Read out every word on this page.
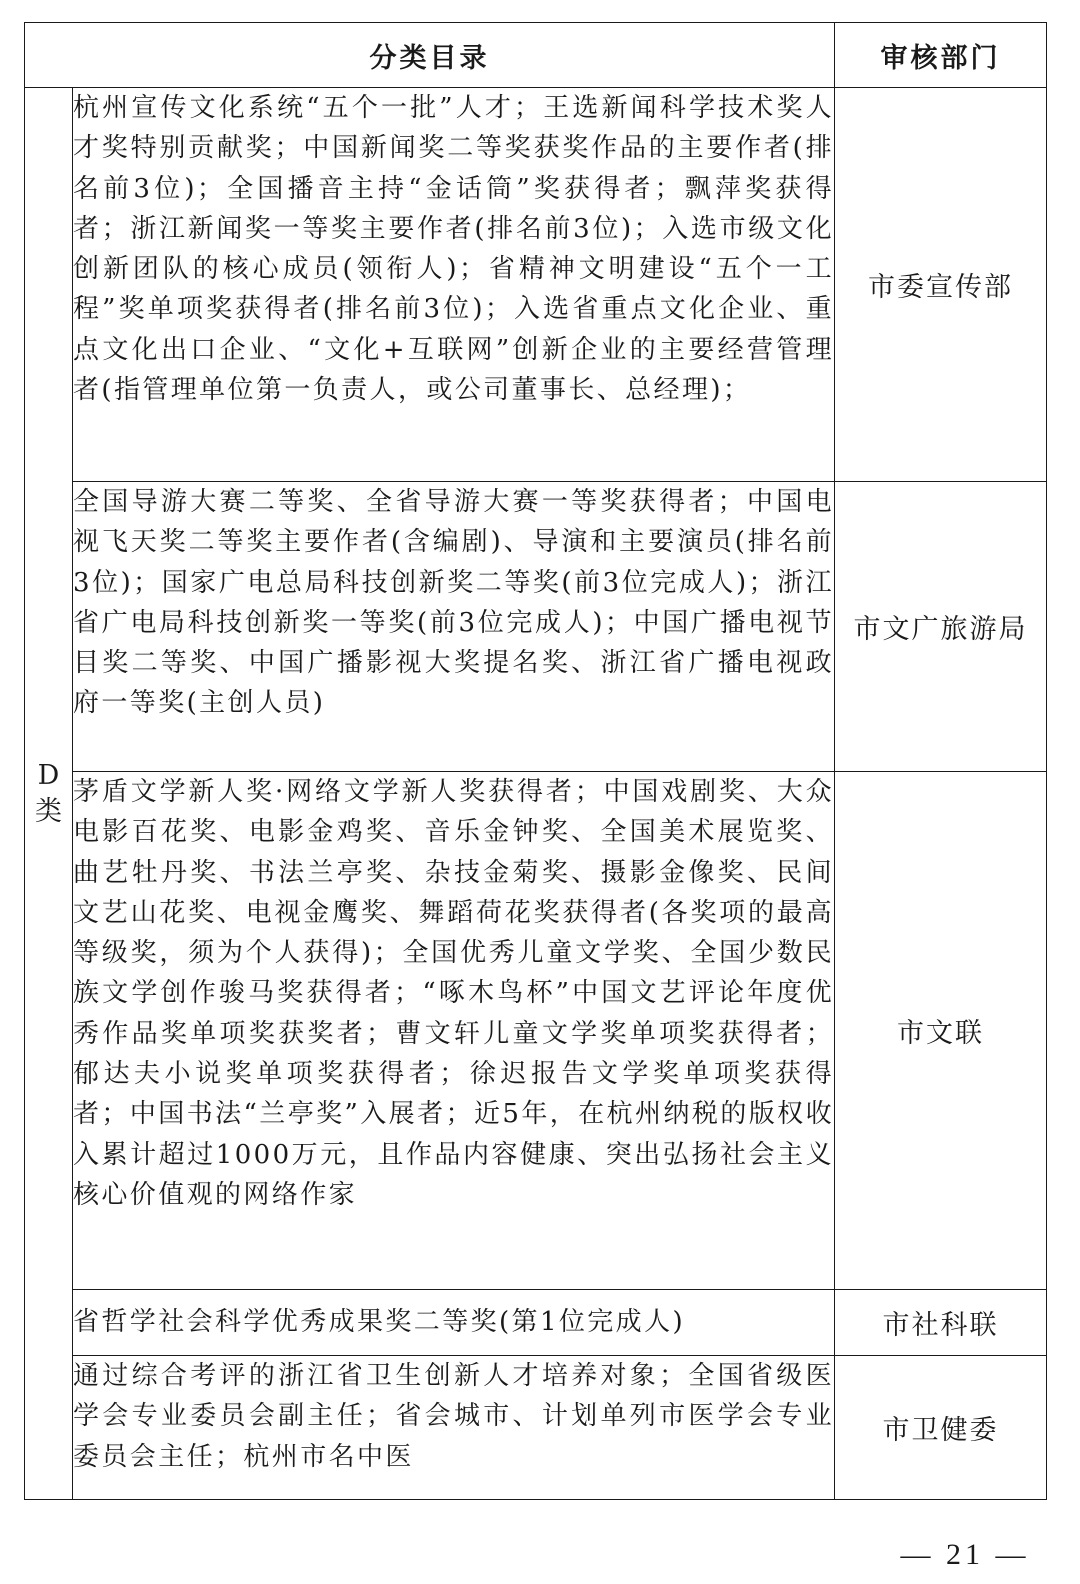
分类目录		审核部门

D
类	杭州宣传文化系统“五个一批”人才；王选新闻科学技术奖人才奖特别贡献奖；中国新闻奖二等奖获奖作品的主要作者(排名前3位)；全国播音主持“金话筒”奖获得者；飘萍奖获得者；浙江新闻奖一等奖主要作者(排名前3位)；入选市级文化创新团队的核心成员(领衔人)；省精神文明建设“五个一工程”奖单项奖获得者(排名前3位)；入选省重点文化企业、重点文化出口企业、“文化+互联网”创新企业的主要经营管理者(指管理单位第一负责人，或公司董事长、总经理)；	市委宣传部
	全国导游大赛二等奖、全省导游大赛一等奖获得者；中国电视飞天奖二等奖主要作者(含编剧)、导演和主要演员(排名前3位)；国家广电总局科技创新奖二等奖(前3位完成人)；浙江省广电局科技创新奖一等奖(前3位完成人)；中国广播电视节目奖二等奖、中国广播影视大奖提名奖、浙江省广播电视政府一等奖(主创人员)	市文广旅游局
	茅盾文学新人奖·网络文学新人奖获得者；中国戏剧奖、大众电影百花奖、电影金鸡奖、音乐金钟奖、全国美术展览奖、曲艺牡丹奖、书法兰亭奖、杂技金菊奖、摄影金像奖、民间文艺山花奖、电视金鹰奖、舞蹈荷花奖获得者(各奖项的最高等级奖，须为个人获得)；全国优秀儿童文学奖、全国少数民族文学创作骏马奖获得者；“啄木鸟杯”中国文艺评论年度优秀作品奖单项奖获奖者；曹文轩儿童文学奖单项奖获得者；郁达夫小说奖单项奖获得者；徐迟报告文学奖单项奖获得者；中国书法“兰亭奖”入展者；近5年，在杭州纳税的版权收入累计超过1000万元，且作品内容健康、突出弘扬社会主义核心价值观的网络作家	市文联
	省哲学社会科学优秀成果奖二等奖(第1位完成人)	市社科联
	通过综合考评的浙江省卫生创新人才培养对象；全国省级医学会专业委员会副主任；省会城市、计划单列市医学会专业委员会主任；杭州市名中医	市卫健委
— 21 —
